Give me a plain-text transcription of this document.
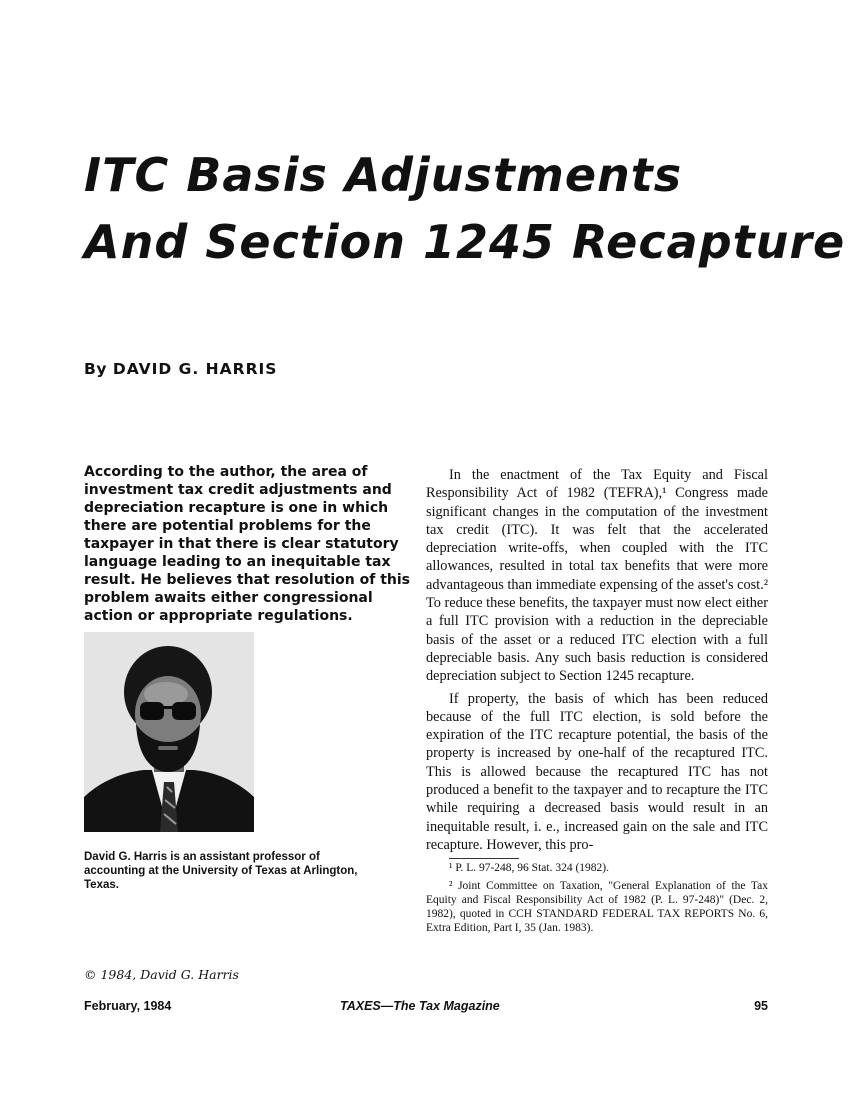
ITC Basis Adjustments
And Section 1245 Recapture
By DAVID G. HARRIS

According to the author, the area of investment tax credit adjustments and depreciation recapture is one in which there are potential problems for the taxpayer in that there is clear statutory language leading to an inequitable tax result. He believes that resolution of this problem awaits either congressional action or appropriate regulations.

David G. Harris is an assistant professor of accounting at the University of Texas at Arlington, Texas.

© 1984, David G. Harris

In the enactment of the Tax Equity and Fiscal Responsibility Act of 1982 (TEFRA),¹ Congress made significant changes in the computation of the investment tax credit (ITC). It was felt that the accelerated depreciation write-offs, when coupled with the ITC allowances, resulted in total tax benefits that were more advantageous than immediate expensing of the asset's cost.² To reduce these benefits, the taxpayer must now elect either a full ITC provision with a reduction in the depreciable basis of the asset or a reduced ITC election with a full depreciable basis. Any such basis reduction is considered depreciation subject to Section 1245 recapture.

If property, the basis of which has been reduced because of the full ITC election, is sold before the expiration of the ITC recapture potential, the basis of the property is increased by one-half of the recaptured ITC. This is allowed because the recaptured ITC has not produced a benefit to the taxpayer and to recapture the ITC while requiring a decreased basis would result in an inequitable result, i. e., increased gain on the sale and ITC recapture. However, this pro-

¹ P. L. 97-248, 96 Stat. 324 (1982).

² Joint Committee on Taxation, "General Explanation of the Tax Equity and Fiscal Responsibility Act of 1982 (P. L. 97-248)" (Dec. 2, 1982), quoted in CCH STANDARD FEDERAL TAX REPORTS No. 6, Extra Edition, Part I, 35 (Jan. 1983).

February, 1984	TAXES—The Tax Magazine	95
